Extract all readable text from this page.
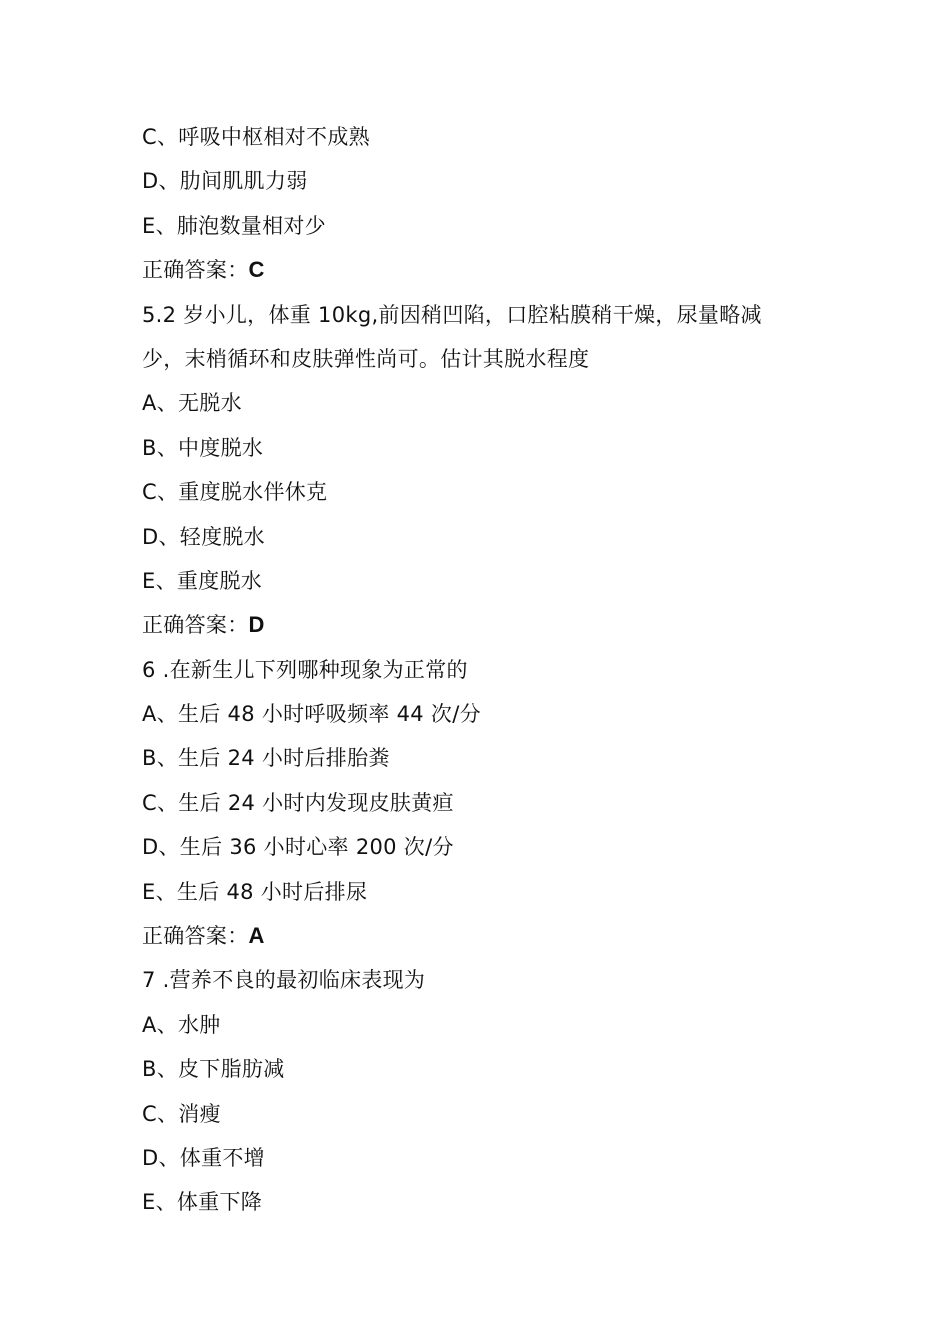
C、呼吸中枢相对不成熟
D、肋间肌肌力弱
E、肺泡数量相对少
正确答案：C
5.2 岁小儿，体重 10kg,前因稍凹陷，口腔粘膜稍干燥，尿量略减
少，末梢循环和皮肤弹性尚可。估计其脱水程度
A、无脱水
B、中度脱水
C、重度脱水伴休克
D、轻度脱水
E、重度脱水
正确答案：D
6 .在新生儿下列哪种现象为正常的
A、生后 48 小时呼吸频率 44 次/分
B、生后 24 小时后排胎粪
C、生后 24 小时内发现皮肤黄疸
D、生后 36 小时心率 200 次/分
E、生后 48 小时后排尿
正确答案：A
7 .营养不良的最初临床表现为
A、水肿
B、皮下脂肪减
C、消瘦
D、体重不增
E、体重下降
